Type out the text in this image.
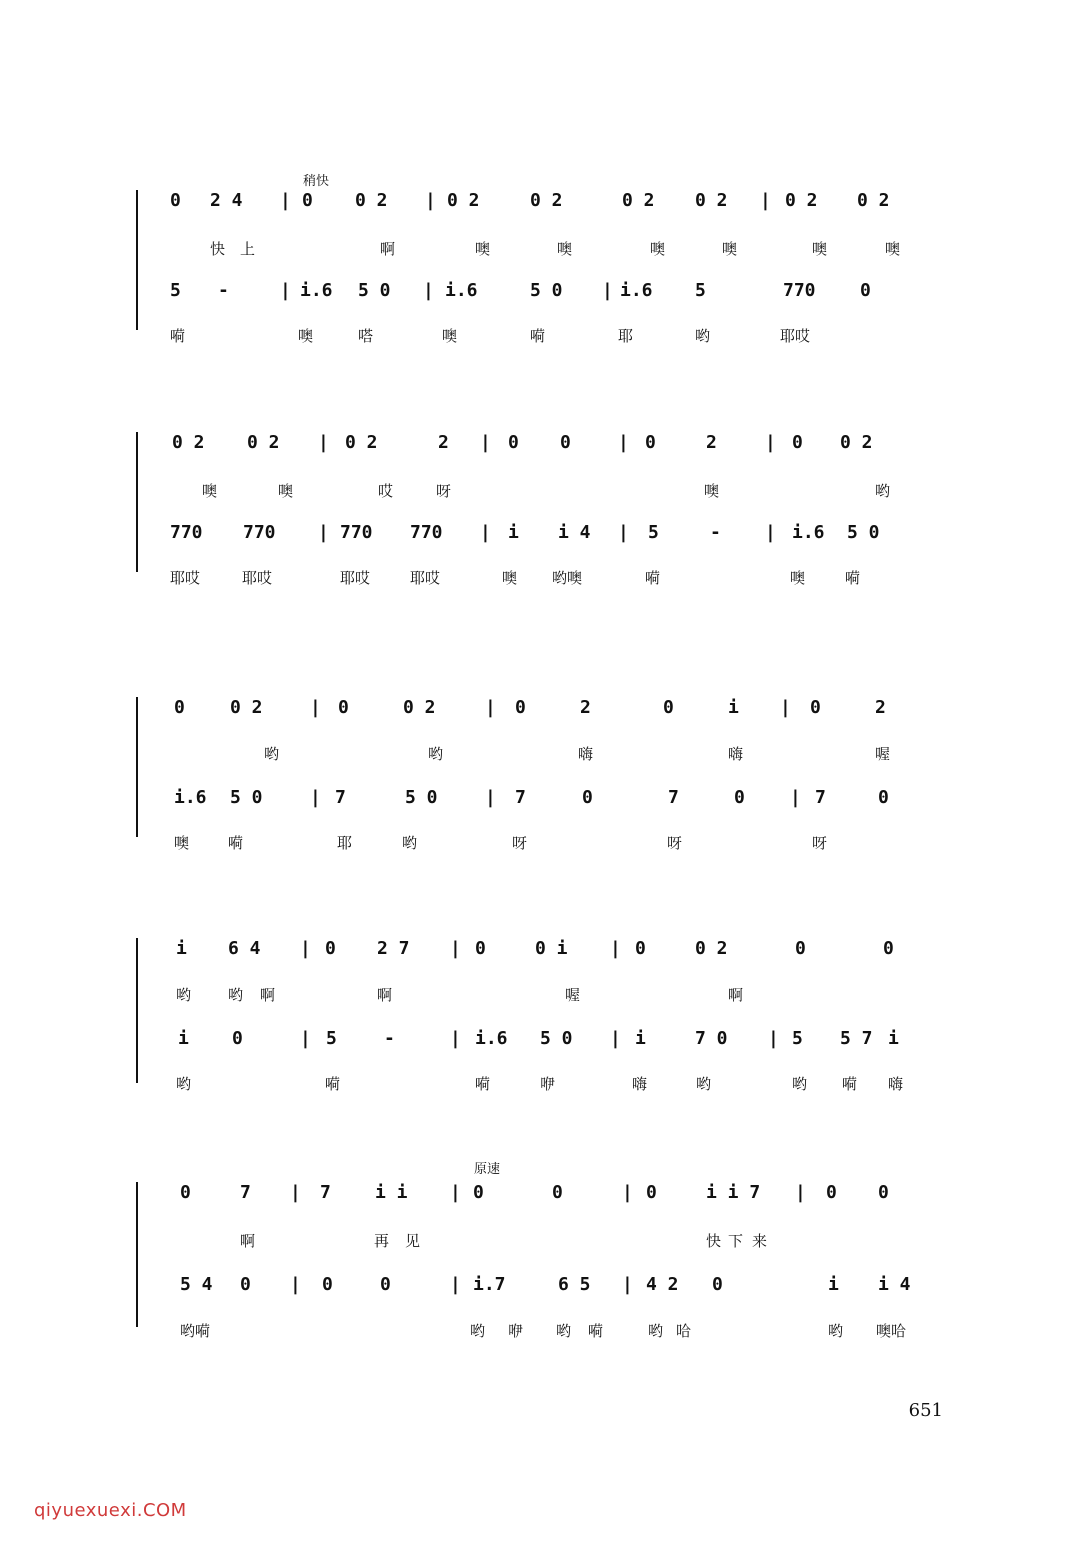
稍快
原速
0 2 4 | 0 0 2 | 0 2	0 2	0 2 0 2 | 0 2 0 2
快 上	啊	噢	噢	噢	噢	噢	噢
5 -	| i.6 5 0 | i.6	5 0 | i.6 5	770 0
嗬	噢	嗒	噢	嗬	耶	哟	耶哎
0 2 0 2 | 0 2	2 | 0 0	| 0	2	| 0 0 2
噢	噢	哎	呀	噢	哟
770 770 | 770 770 | i i 4 | 5	- | i.6 5 0
耶哎	耶哎	耶哎	耶哎	噢 哟噢	嗬	噢	嗬
0	0 2	| 0	0 2	| 0	2	0	i | 0	2
哟	哟	嗨	嗨	喔
i.6 5 0	| 7	5 0	| 7	0	7	0	| 7	0
噢	嗬	耶	哟	呀	呀	呀
i 6 4 | 0 2 7 | 0	0 i | 0	0 2	0	0
哟 哟 啊	啊	喔	啊
i 0	| 5	-	| i.6 5 0 | i	7 0 | 5 5 7 i
哟	嗬	嗬	咿	嗨	哟	哟 嗬 嗨
0	7 | 7 i i | 0	0	| 0	i i 7 | 0 0
啊	再 见	快 下 来
5 4 0 | 0	0	| i.7	6 5 | 4 2 0	i i 4
哟嗬	哟 咿 哟 嗬	哟 哈	哟 噢哈
651
qiyuexuexi.COM
